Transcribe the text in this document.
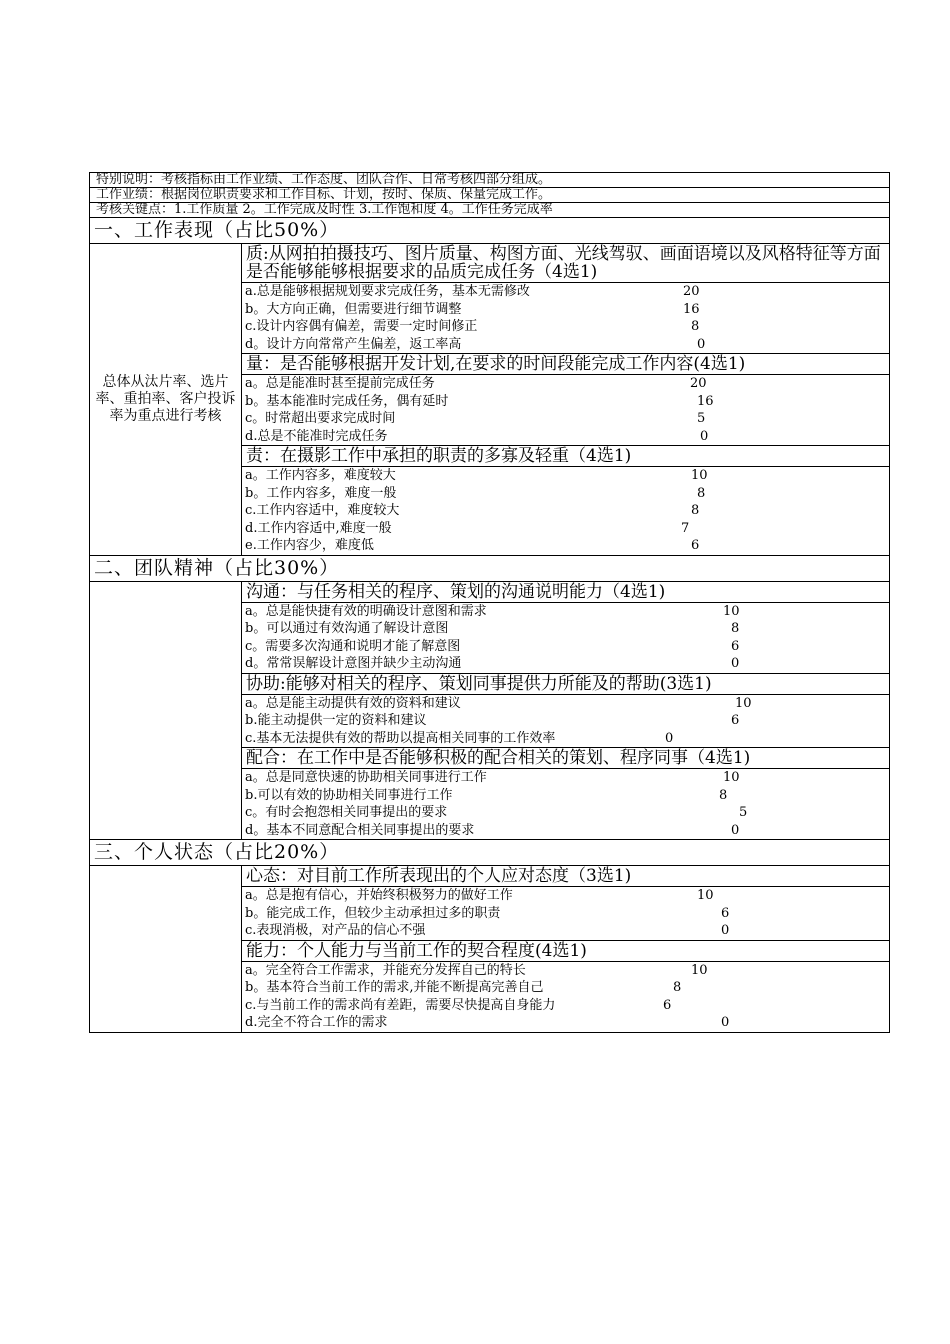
特别说明：考核指标由工作业绩、工作态度、团队合作、日常考核四部分组成。
工作业绩：根据岗位职责要求和工作目标、计划，按时、保质、保量完成工作。
考核关键点：1.工作质量 2。工作完成及时性 3.工作饱和度 4。工作任务完成率
一、工作表现（占比50%）
总体从汰片率、选片率、重拍率、客户投诉率为重点进行考核
质:从网拍拍摄技巧、图片质量、构图方面、光线驾驭、画面语境以及风格特征等方面是否能够能够根据要求的品质完成任务（4选1)
a.总是能够根据规划要求完成任务，基本无需修改	20
b。大方向正确，但需要进行细节调整	16
c.设计内容偶有偏差，需要一定时间修正	8
d。设计方向常常产生偏差，返工率高	0
量：是否能够根据开发计划,在要求的时间段能完成工作内容(4选1)
a。总是能准时甚至提前完成任务	20
b。基本能准时完成任务，偶有延时	16
c。时常超出要求完成时间	5
d.总是不能准时完成任务	0
责：在摄影工作中承担的职责的多寡及轻重（4选1)
a。工作内容多，难度较大	10
b。工作内容多，难度一般	8
c.工作内容适中，难度较大	8
d.工作内容适中,难度一般	7
e.工作内容少，难度低	6
二、团队精神（占比30%）
沟通：与任务相关的程序、策划的沟通说明能力（4选1)
a。总是能快捷有效的明确设计意图和需求	10
b。可以通过有效沟通了解设计意图	8
c。需要多次沟通和说明才能了解意图	6
d。常常误解设计意图并缺少主动沟通	0
协助:能够对相关的程序、策划同事提供力所能及的帮助(3选1)
a。总是能主动提供有效的资料和建议	10
b.能主动提供一定的资料和建议	6
c.基本无法提供有效的帮助以提高相关同事的工作效率	0
配合：在工作中是否能够积极的配合相关的策划、程序同事（4选1)
a。总是同意快速的协助相关同事进行工作	10
b.可以有效的协助相关同事进行工作	8
c。有时会抱怨相关同事提出的要求	5
d。基本不同意配合相关同事提出的要求	0
三、个人状态（占比20%）
心态：对目前工作所表现出的个人应对态度（3选1)
a。总是抱有信心，并始终积极努力的做好工作	10
b。能完成工作，但较少主动承担过多的职责	6
c.表现消极，对产品的信心不强	0
能力：个人能力与当前工作的契合程度(4选1)
a。完全符合工作需求，并能充分发挥自己的特长	10
b。基本符合当前工作的需求,并能不断提高完善自己	8
c.与当前工作的需求尚有差距，需要尽快提高自身能力	6
d.完全不符合工作的需求	0
